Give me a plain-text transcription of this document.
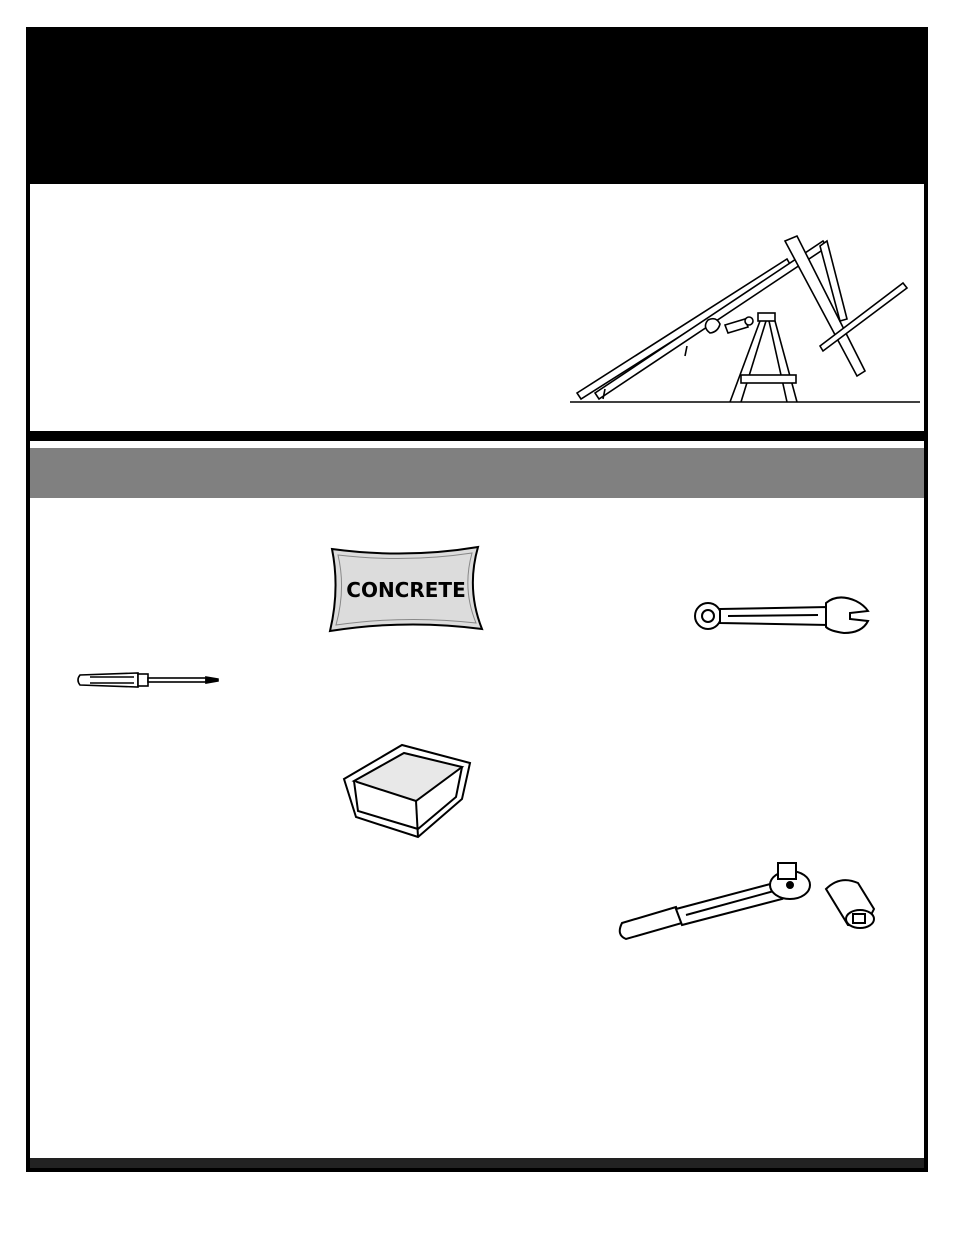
CONCRETE
